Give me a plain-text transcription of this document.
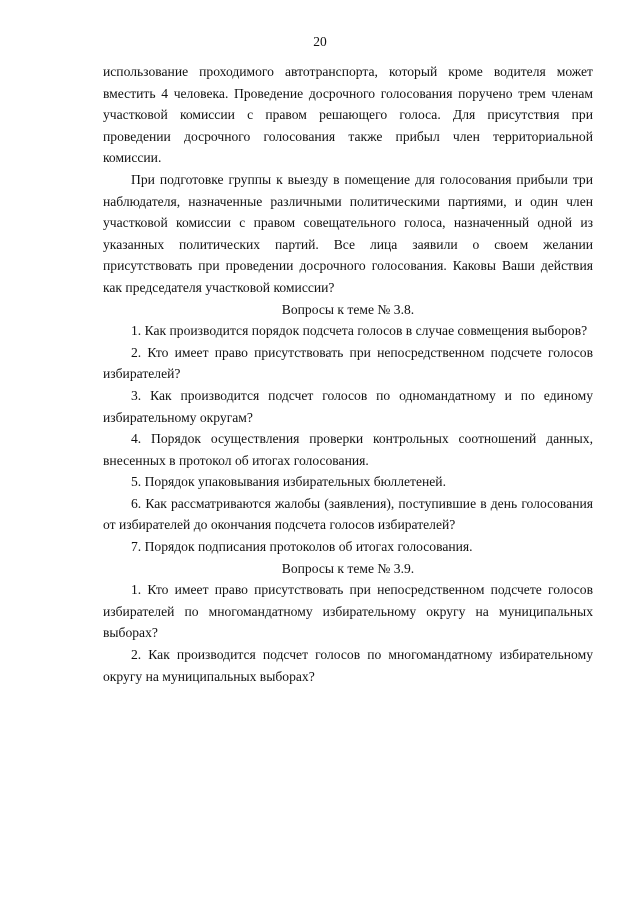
20

использование проходимого автотранспорта, который кроме водителя может вместить 4 человека. Проведение досрочного голосования поручено трем членам участковой комиссии с правом решающего голоса. Для присутствия при проведении досрочного голосования также прибыл член территориальной комиссии.

При подготовке группы к выезду в помещение для голосования прибыли три наблюдателя, назначенные различными политическими партиями, и один член участковой комиссии с правом совещательного голоса, назначенный одной из указанных политических партий. Все лица заявили о своем желании присутствовать при проведении досрочного голосования. Каковы Ваши действия как председателя участковой комиссии?

Вопросы к теме № 3.8.

1. Как производится порядок подсчета голосов в случае совмещения выборов?

2. Кто имеет право присутствовать при непосредственном подсчете голосов избирателей?

3. Как производится подсчет голосов по одномандатному и по единому избирательному округам?

4. Порядок осуществления проверки контрольных соотношений данных, внесенных в протокол об итогах голосования.

5. Порядок упаковывания избирательных бюллетеней.

6. Как рассматриваются жалобы (заявления), поступившие в день голосования от избирателей до окончания подсчета голосов избирателей?

7. Порядок подписания протоколов об итогах голосования.

Вопросы к теме № 3.9.

1. Кто имеет право присутствовать при непосредственном подсчете голосов избирателей по многомандатному избирательному округу на муниципальных выборах?

2. Как производится подсчет голосов по многомандатному избирательному округу на муниципальных выборах?
